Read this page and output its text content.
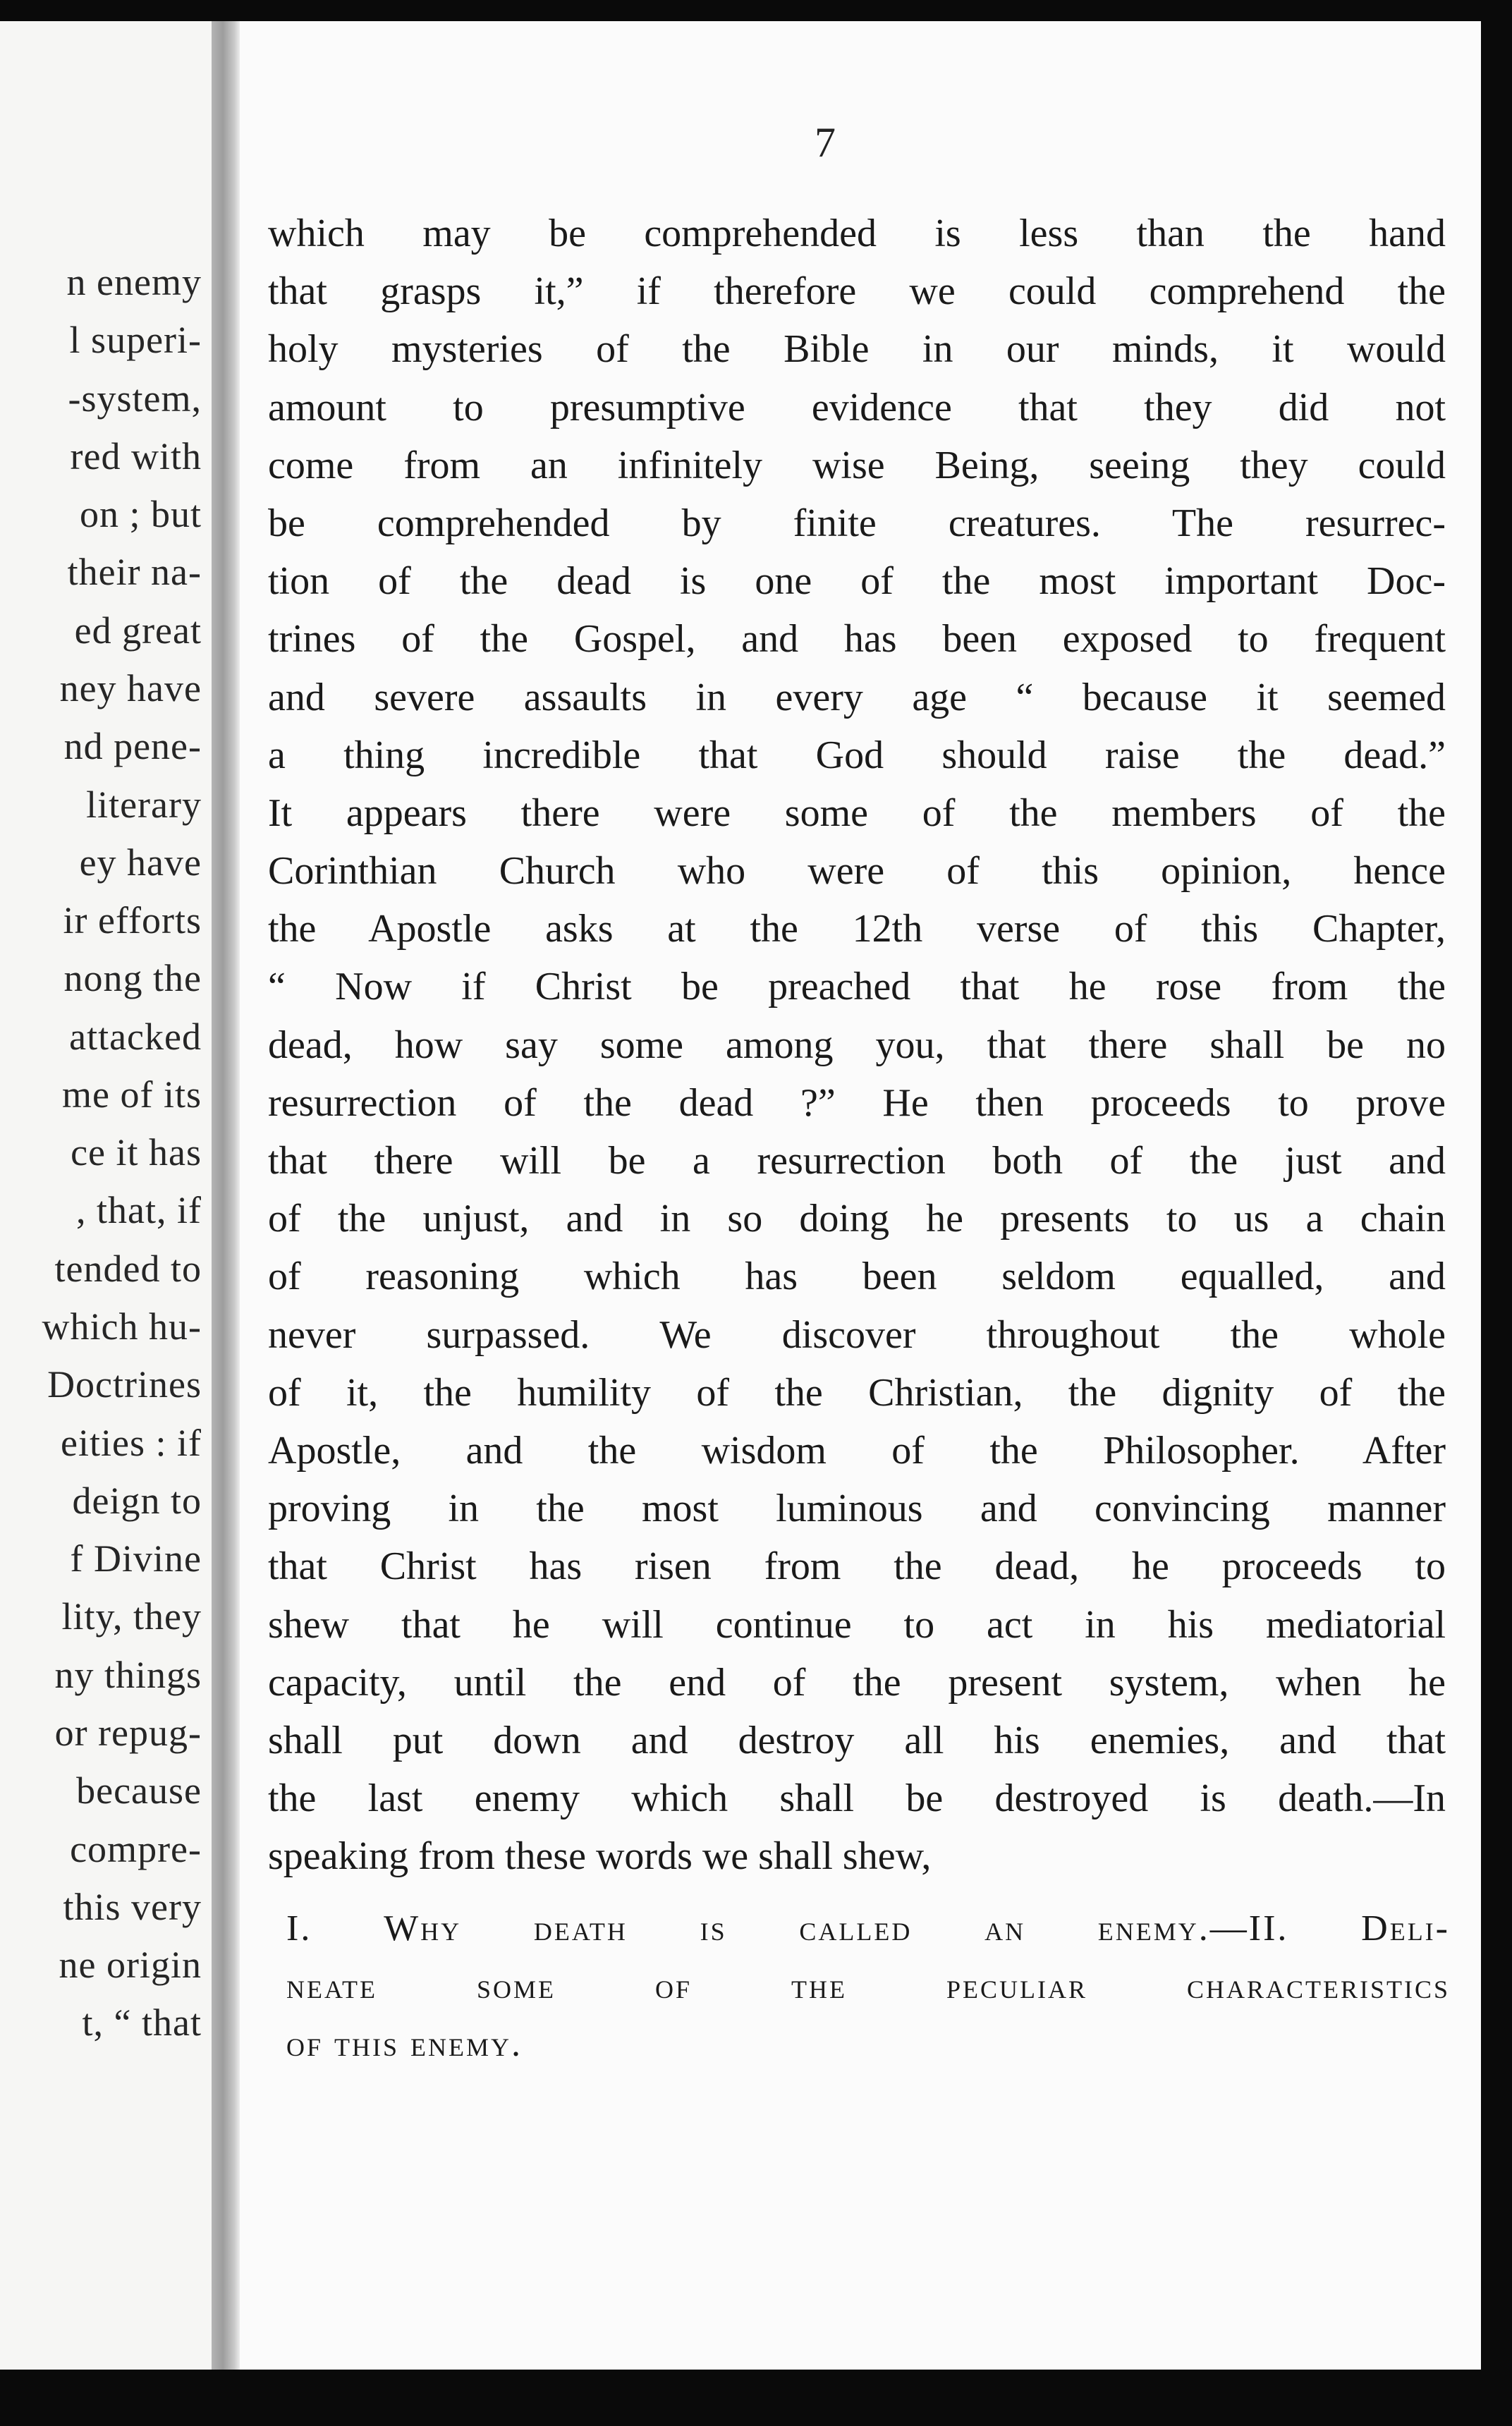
n enemy
l superi-
-system,
red with
on ; but
their na-
ed great
ney have
nd pene-
literary
ey have
ir efforts
nong the
attacked
me of its
ce it has
, that, if
tended to
which hu-
Doctrines
eities : if
deign to
f Divine
lity, they
ny things
or repug-
because
compre-
this very
ne origin
t, “ that
7
which may be comprehended is less than the hand
that grasps it,” if therefore we could comprehend the
holy mysteries of the Bible in our minds, it would
amount to presumptive evidence that they did not
come from an infinitely wise Being, seeing they could
be comprehended by finite creatures. The resurrec-
tion of the dead is one of the most important Doc-
trines of the Gospel, and has been exposed to frequent
and severe assaults in every age “ because it seemed
a thing incredible that God should raise the dead.”
It appears there were some of the members of the
Corinthian Church who were of this opinion, hence
the Apostle asks at the 12th verse of this Chapter,
“ Now if Christ be preached that he rose from the
dead, how say some among you, that there shall be no
resurrection of the dead ?” He then proceeds to prove
that there will be a resurrection both of the just and
of the unjust, and in so doing he presents to us a chain
of reasoning which has been seldom equalled, and
never surpassed. We discover throughout the whole
of it, the humility of the Christian, the dignity of the
Apostle, and the wisdom of the Philosopher. After
proving in the most luminous and convincing manner
that Christ has risen from the dead, he proceeds to
shew that he will continue to act in his mediatorial
capacity, until the end of the present system, when he
shall put down and destroy all his enemies, and that
the last enemy which shall be destroyed is death.—In
speaking from these words we shall shew,
I. Why death is called an enemy.—II. Deli-
neate some of the peculiar characteristics
of this enemy.
